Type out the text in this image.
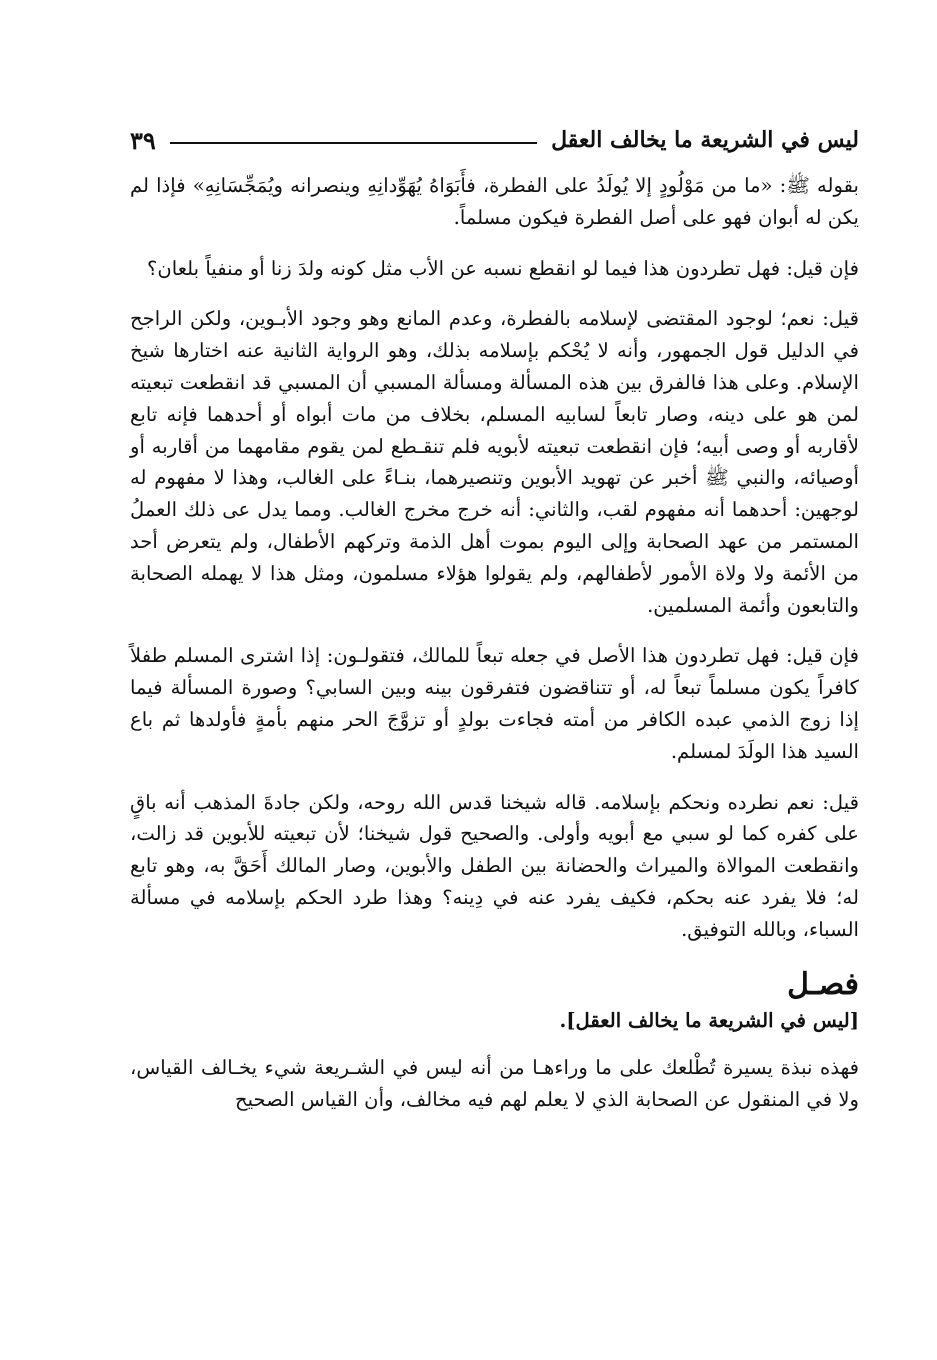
ليس في الشريعة ما يخالف العقل
٣٩

بقوله ﷺ: «ما من مَوْلُودٍ إلا يُولَدُ على الفطرة، فأَبَوَاهُ يُهَوِّدانِهِ وينصرانه ويُمَجِّسَانِهِ» فإذا لم يكن له أبوان فهو على أصل الفطرة فيكون مسلماً.

فإن قيل: فهل تطردون هذا فيما لو انقطع نسبه عن الأب مثل كونه ولدَ زنا أو منفياً بلعان؟

قيل: نعم؛ لوجود المقتضى لإسلامه بالفطرة، وعدم المانع وهو وجود الأبـوين، ولكن الراجح في الدليل قول الجمهور، وأنه لا يُحْكم بإسلامه بذلك، وهو الرواية الثانية عنه اختارها شيخ الإسلام. وعلى هذا فالفرق بين هذه المسألة ومسألة المسبي أن المسبي قد انقطعت تبعيته لمن هو على دينه، وصار تابعاً لسابيه المسلم، بخلاف من مات أبواه أو أحدهما فإنه تابع لأقاربه أو وصى أبيه؛ فإن انقطعت تبعيته لأبويه فلم تنقـطع لمن يقوم مقامهما من أقاربه أو أوصيائه، والنبي ﷺ أخبر عن تهويد الأبوين وتنصيرهما، بنـاءً على الغالب، وهذا لا مفهوم له لوجهين: أحدهما أنه مفهوم لقب، والثاني: أنه خرج مخرج الغالب. ومما يدل عى ذلك العملُ المستمر من عهد الصحابة وإلى اليوم بموت أهل الذمة وتركهم الأطفال، ولم يتعرض أحد من الأئمة ولا ولاة الأمور لأطفالهم، ولم يقولوا هؤلاء مسلمون، ومثل هذا لا يهمله الصحابة والتابعون وأئمة المسلمين.

فإن قيل: فهل تطردون هذا الأصل في جعله تبعاً للمالك، فتقولـون: إذا اشترى المسلم طفلاً كافراً يكون مسلماً تبعاً له، أو تتناقضون فتفرقون بينه وبين السابي؟ وصورة المسألة فيما إذا زوج الذمي عبده الكافر من أمته فجاءت بولدٍ أو تزوَّجَ الحر منهم بأمةٍ فأولدها ثم باع السيد هذا الولَدَ لمسلم.

قيل: نعم نطرده ونحكم بإسلامه. قاله شيخنا قدس الله روحه، ولكن جادةَ المذهب أنه باقٍ على كفره كما لو سبي مع أبويه وأولى. والصحيح قول شيخنا؛ لأن تبعيته للأبوين قد زالت، وانقطعت الموالاة والميراث والحضانة بين الطفل والأبوين، وصار المالك أَحَقَّ به، وهو تابع له؛ فلا يفرد عنه بحكم، فكيف يفرد عنه في دِينه؟ وهذا طرد الحكم بإسلامه في مسألة السباء، وبالله التوفيق.

فصـل
[ليس في الشريعة ما يخالف العقل].

فهذه نبذة يسيرة تُطْلعك على ما وراءهـا من أنه ليس في الشـريعة شيء يخـالف القياس، ولا في المنقول عن الصحابة الذي لا يعلم لهم فيه مخالف، وأن القياس الصحيح
